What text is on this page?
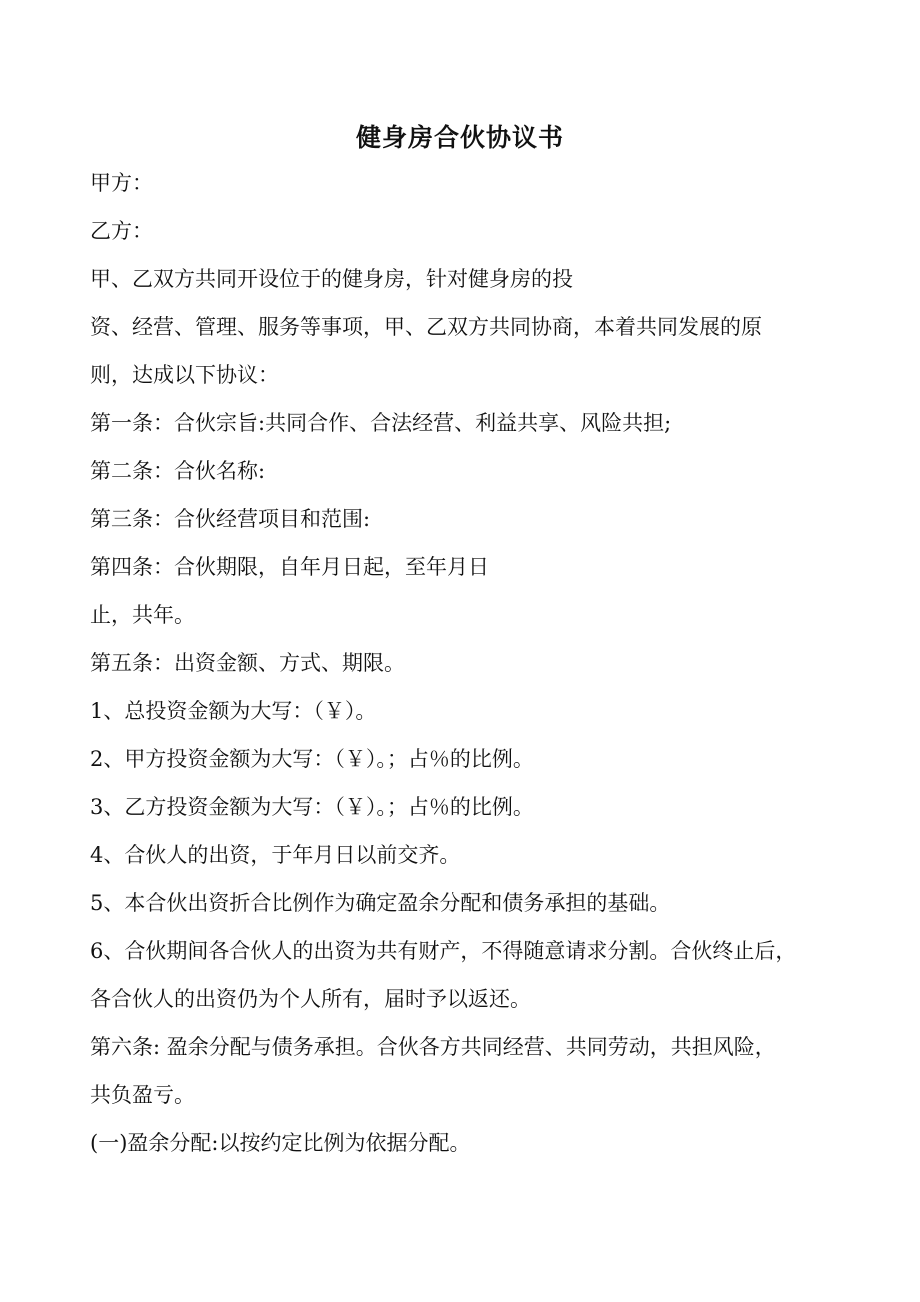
健身房合伙协议书
甲方：
乙方：
甲、乙双方共同开设位于的健身房，针对健身房的投
资、经营、管理、服务等事项，甲、乙双方共同协商，本着共同发展的原
则，达成以下协议：
第一条：合伙宗旨:共同合作、合法经营、利益共享、风险共担;
第二条：合伙名称:
第三条：合伙经营项目和范围:
第四条：合伙期限，自年月日起，至年月日
止，共年。
第五条：出资金额、方式、期限。
1、总投资金额为大写：（￥）。
2、甲方投资金额为大写：（￥）。；占％的比例。
3、乙方投资金额为大写：（￥）。；占％的比例。
4、合伙人的出资，于年月日以前交齐。
5、本合伙出资折合比例作为确定盈余分配和债务承担的基础。
6、合伙期间各合伙人的出资为共有财产，不得随意请求分割。合伙终止后，
各合伙人的出资仍为个人所有，届时予以返还。
第六条: 盈余分配与债务承担。合伙各方共同经营、共同劳动，共担风险，
共负盈亏。
(一)盈余分配:以按约定比例为依据分配。
